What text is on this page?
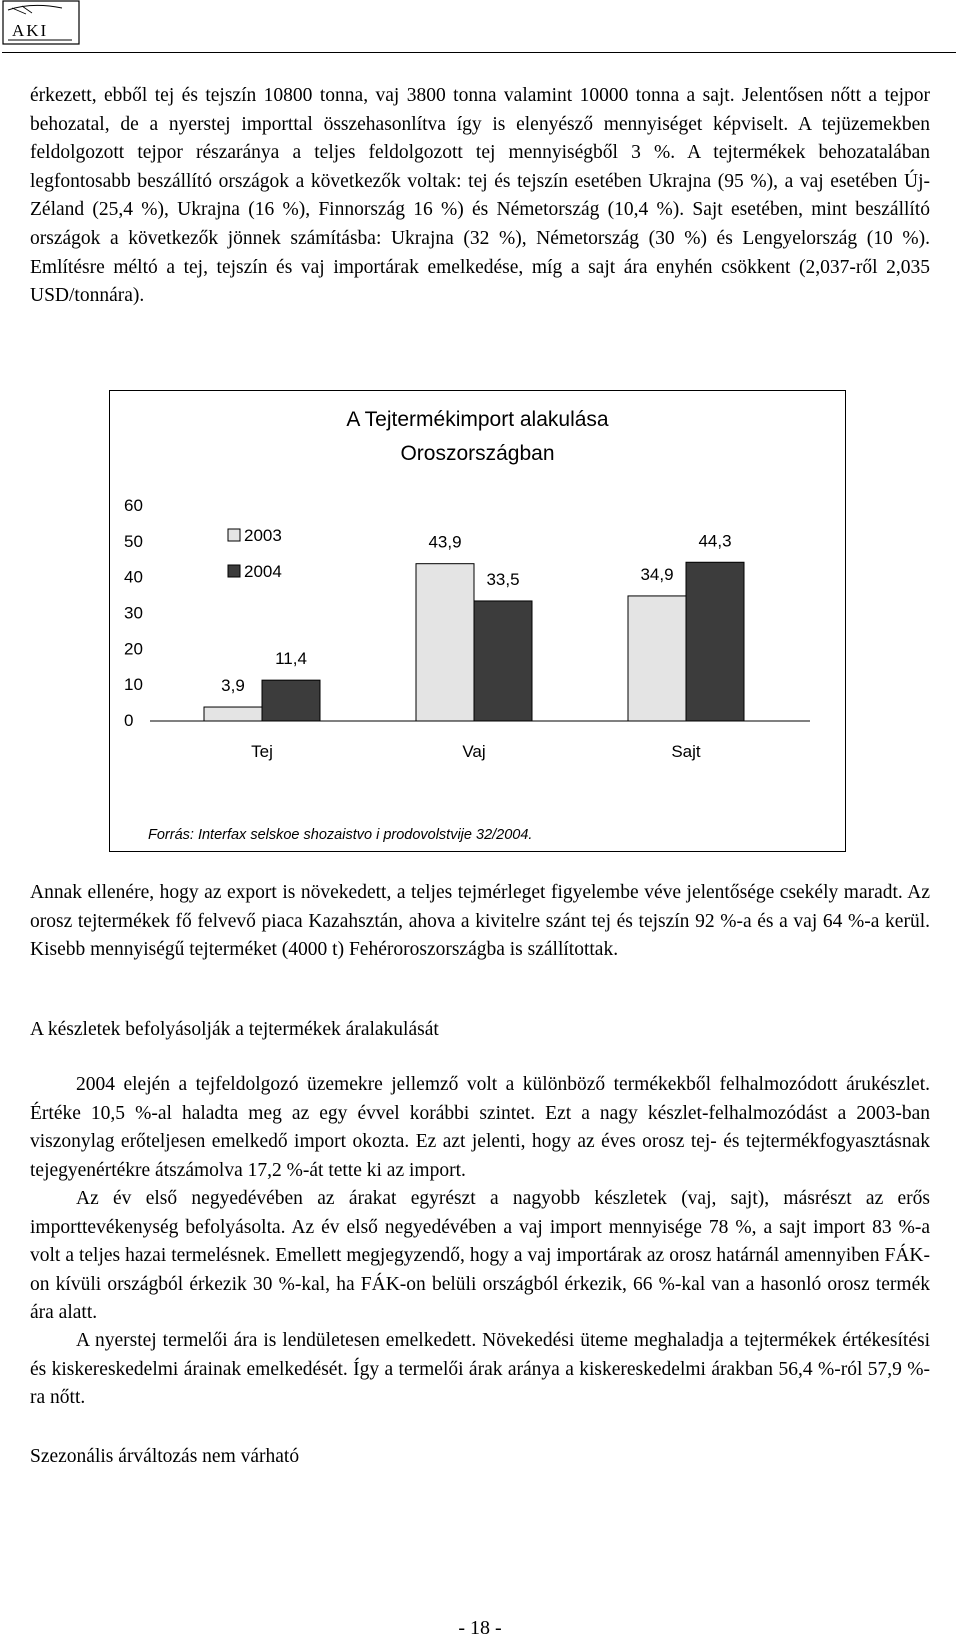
AKI

érkezett, ebből tej és tejszín 10800 tonna, vaj 3800 tonna valamint 10000 tonna a sajt. Jelentősen nőtt a tejpor behozatal, de a nyerstej importtal összehasonlítva így is elenyésző mennyiséget képviselt. A tejüzemekben feldolgozott tejpor részaránya a teljes feldolgozott tej mennyiségből 3 %. A tejtermékek behozatalában legfontosabb beszállító országok a következők voltak: tej és tejszín esetében Ukrajna (95 %), a vaj esetében Új-Zéland (25,4 %), Ukrajna (16 %), Finnország 16 %) és Németország (10,4 %). Sajt esetében, mint beszállító országok a következők jönnek számításba: Ukrajna (32 %), Németország (30 %) és Lengyelország (10 %). Említésre méltó a tej, tejszín és vaj importárak emelkedése, míg a sajt ára enyhén csökkent (2,037-ről 2,035 USD/tonnára).

A Tejtermékimport alakulása
Oroszországban
0
10
20
30
40
50
60
3,9
11,4
Tej
43,9
33,5
Vaj
34,9
44,3
Sajt
2003
2004
Forrás: Interfax selskoe shozaistvo i prodovolstvije 32/2004.

Annak ellenére, hogy az export is növekedett, a teljes tejmérleget figyelembe véve jelentősége csekély maradt. Az orosz tejtermékek fő felvevő piaca Kazahsztán, ahova a kivitelre szánt tej és tejszín 92 %-a és a vaj 64 %-a kerül. Kisebb mennyiségű tejterméket (4000 t) Fehéroroszországba is szállítottak.

A készletek befolyásolják a tejtermékek áralakulását

2004 elején a tejfeldolgozó üzemekre jellemző volt a különböző termékekből felhalmozódott árukészlet. Értéke 10,5 %-al haladta meg az egy évvel korábbi szintet. Ezt a nagy készlet-felhalmozódást a 2003-ban viszonylag erőteljesen emelkedő import okozta. Ez azt jelenti, hogy az éves orosz tej- és tejtermékfogyasztásnak tejegyenértékre átszámolva 17,2 %-át tette ki az import.

Az év első negyedévében az árakat egyrészt a nagyobb készletek (vaj, sajt), másrészt az erős importtevékenység befolyásolta. Az év első negyedévében a vaj import mennyisége 78 %, a sajt import 83 %-a volt a teljes hazai termelésnek. Emellett megjegyzendő, hogy a vaj importárak az orosz határnál amennyiben FÁK-on kívüli országból érkezik 30 %-kal, ha FÁK-on belüli országból érkezik, 66 %-kal van a hasonló orosz termék ára alatt.

A nyerstej termelői ára is lendületesen emelkedett. Növekedési üteme meghaladja a tejtermékek értékesítési és kiskereskedelmi árainak emelkedését. Így a termelői árak aránya a kiskereskedelmi árakban 56,4 %-ról 57,9 %-ra nőtt.

Szezonális árváltozás nem várható
- 18 -
